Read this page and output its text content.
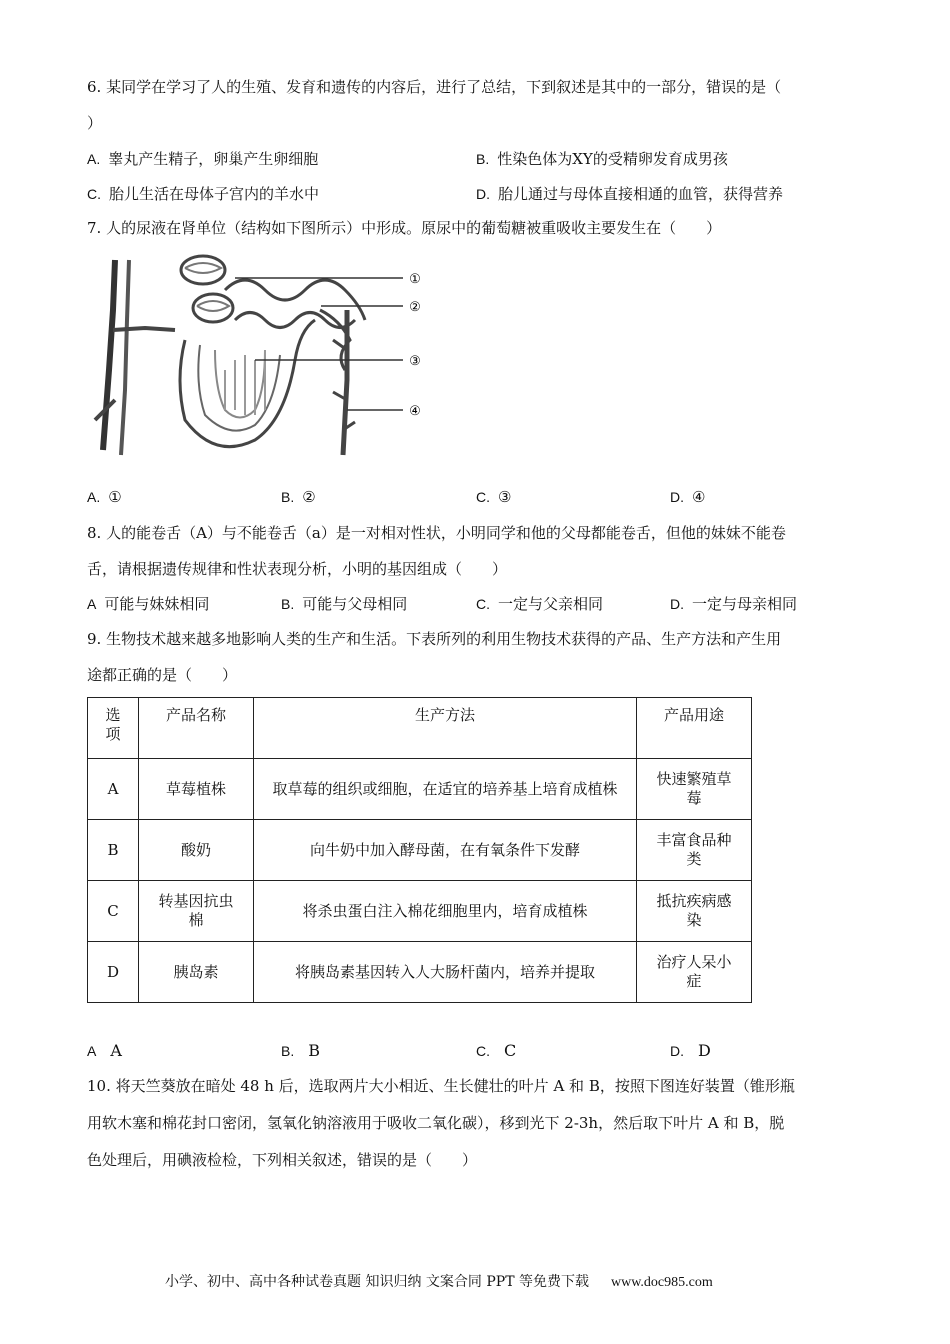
6. 某同学在学习了人的生殖、发育和遗传的内容后，进行了总结，下到叙述是其中的一部分，错误的是（
）
A. 睾丸产生精子，卵巢产生卵细胞	B. 性染色体为XY的受精卵发育成男孩
C. 胎儿生活在母体子宫内的羊水中	D. 胎儿通过与母体直接相通的血管，获得营养
7. 人的尿液在肾单位（结构如下图所示）中形成。原尿中的葡萄糖被重吸收主要发生在（　　）
①
②
③
④
A. ①	B. ②	C. ③	D. ④
8. 人的能卷舌（A）与不能卷舌（a）是一对相对性状，小明同学和他的父母都能卷舌，但他的妹妹不能卷
舌，请根据遗传规律和性状表现分析，小明的基因组成（　　）
A 可能与妹妹相同	B. 可能与父母相同	C. 一定与父亲相同	D. 一定与母亲相同
9. 生物技术越来越多地影响人类的生产和生活。下表所列的利用生物技术获得的产品、生产方法和产生用
途都正确的是（　　）
选项	产品名称	生产方法	产品用途
A	草莓植株	取草莓的组织或细胞，在适宜的培养基上培育成植株	快速繁殖草莓
B	酸奶	向牛奶中加入酵母菌，在有氧条件下发酵	丰富食品种类
C	转基因抗虫棉	将杀虫蛋白注入棉花细胞里内，培育成植株	抵抗疾病感染
D	胰岛素	将胰岛素基因转入人大肠杆菌内，培养并提取	治疗人呆小症
A A	B. B	C. C	D. D
10. 将天竺葵放在暗处 48 h 后，选取两片大小相近、生长健壮的叶片 A 和 B，按照下图连好装置（锥形瓶
用软木塞和棉花封口密闭，氢氧化钠溶液用于吸收二氧化碳），移到光下 2-3h，然后取下叶片 A 和 B，脱
色处理后，用碘液检检，下列相关叙述，错误的是（　　）
小学、初中、高中各种试卷真题 知识归纳 文案合同 PPT 等免费下载 www.doc985.com
